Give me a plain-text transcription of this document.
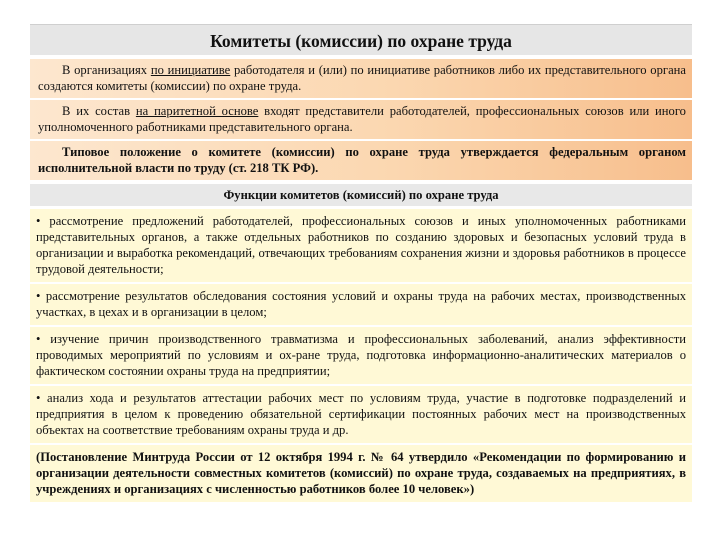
Комитеты (комиссии) по охране труда

В организациях по инициативе работодателя и (или) по инициативе работников либо их представительного органа создаются комитеты (комиссии) по охране труда.

В их состав на паритетной основе входят представители работодателей, профессиональных союзов или иного уполномоченного работниками представительного органа.

Типовое положение о комитете (комиссии) по охране труда утверждается федеральным органом исполнительной власти по труду (ст. 218 ТК РФ).

Функции комитетов (комиссий) по охране труда

• рассмотрение предложений работодателей, профессиональных союзов и иных уполномоченных работниками представительных органов, а также отдельных работников по созданию здоровых и безопасных условий труда в организации и выработка рекомендаций, отвечающих требованиям сохранения жизни и здоровья работников в процессе трудовой деятельности;

• рассмотрение результатов обследования состояния условий и охраны труда на рабочих местах, производственных участках, в цехах и в организации в целом;

• изучение причин производственного травматизма и профессиональных заболеваний, анализ эффективности проводимых мероприятий по условиям и ох-ране труда, подготовка информационно-аналитических материалов о фактическом состоянии охраны труда на предприятии;

• анализ хода и результатов аттестации рабочих мест по условиям труда, участие в подготовке подразделений и предприятия в целом к проведению обязательной сертификации постоянных рабочих мест на производственных объектах на соответствие требованиям охраны труда и др.

(Постановление Минтруда России от 12 октября 1994 г. № 64 утвердило «Рекомендации по формированию и организации деятельности совместных комитетов (комиссий) по охране труда, создаваемых на предприятиях, в учреждениях и организациях с численностью работников более 10 человек»)
